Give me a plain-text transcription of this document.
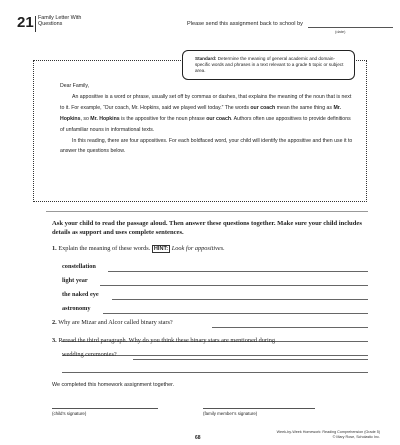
21 Family Letter With Questions	Please send this assignment back to school by
(date)
Standard: Determine the meaning of general academic and domain-specific words and phrases in a text relevant to a grade 5 topic or subject area.

Dear Family,

An appositive is a word or phrase, usually set off by commas or dashes, that explains the meaning of the noun that is next to it. For example, “Our coach, Mr. Hopkins, said we played well today.” The words our coach mean the same thing as Mr. Hopkins, so Mr. Hopkins is the appositive for the noun phrase our coach. Authors often use appositives to provide definitions of unfamiliar nouns in informational texts.

In this reading, there are four appositives. For each boldfaced word, your child will identify the appositive and then use it to answer the questions below.

Ask your child to read the passage aloud. Then answer these questions together. Make sure your child includes details as support and uses complete sentences.
1. Explain the meaning of these words. HINT: Look for appositives.
constellation
light year
the naked eye
astronomy
2. Why are Mizar and Alcor called binary stars?
3. Reread the third paragraph. Why do you think these binary stars are mentioned during
wedding ceremonies?
We completed this homework assignment together.
(child’s signature)	(family member’s signature)
68
Week-by-Week Homework: Reading Comprehension (Grade 5)
© Mary Rose, Scholastic Inc.
